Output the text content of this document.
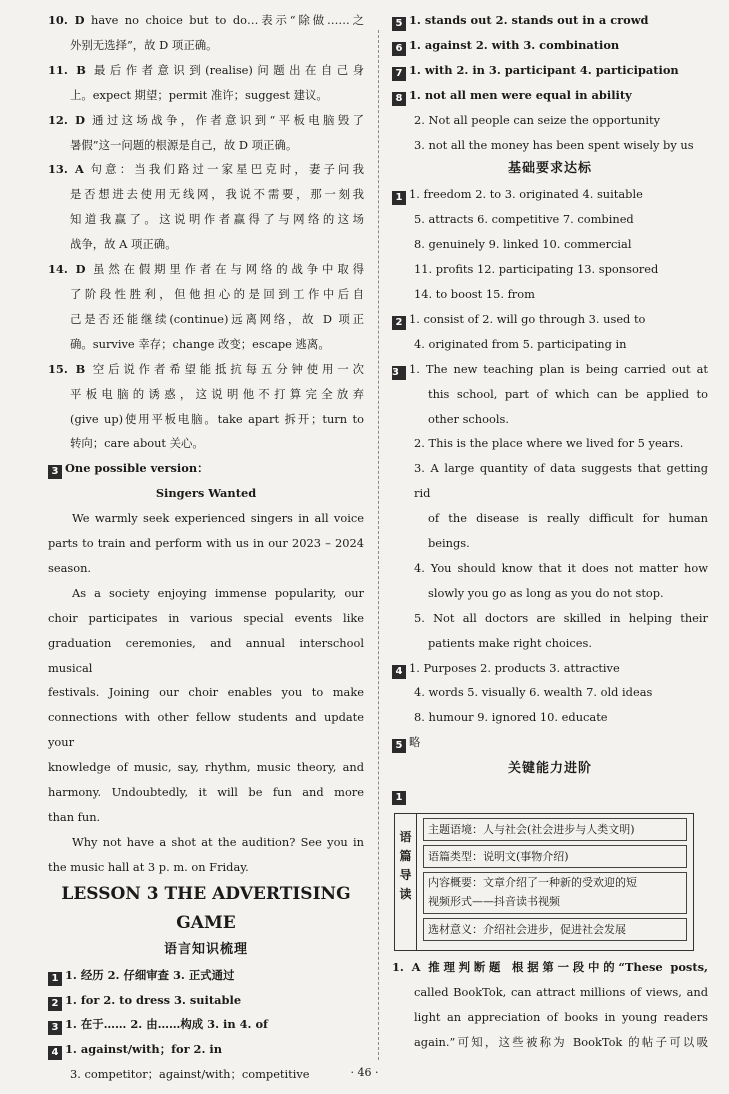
10. D have no choice but to do…表示“除做……之
外别无选择”，故 D 项正确。
11. B 最后作者意识到(realise)问题出在自己身
上。expect 期望；permit 准许；suggest 建议。
12. D 通过这场战争，作者意识到“平板电脑毁了
暑假”这一问题的根源是自己，故 D 项正确。
13. A 句意：当我们路过一家星巴克时，妻子问我
是否想进去使用无线网，我说不需要，那一刻我
知道我赢了。这说明作者赢得了与网络的这场
战争，故 A 项正确。
14. D 虽然在假期里作者在与网络的战争中取得
了阶段性胜利，但他担心的是回到工作中后自
己是否还能继续(continue)远离网络，故 D 项正
确。survive 幸存；change 改变；escape 逃离。
15. B 空后说作者希望能抵抗每五分钟使用一次
平板电脑的诱惑，这说明他不打算完全放弃
(give up)使用平板电脑。take apart 拆开；turn to
转向；care about 关心。
3 One possible version：
Singers Wanted
We warmly seek experienced singers in all voice
parts to train and perform with us in our 2023 – 2024
season.
As a society enjoying immense popularity, our
choir participates in various special events like
graduation ceremonies, and annual interschool musical
festivals. Joining our choir enables you to make
connections with other fellow students and update your
knowledge of music, say, rhythm, music theory, and
harmony. Undoubtedly, it will be fun and more
than fun.
Why not have a shot at the audition? See you in
the music hall at 3 p. m. on Friday.
LESSON 3 THE ADVERTISING
GAME
语言知识梳理
1 1. 经历 2. 仔细审查 3. 正式通过
2 1. for 2. to dress 3. suitable
3 1. 在于…… 2. 由……构成 3. in 4. of
4 1. against/with；for 2. in
3. competitor；against/with；competitive
5 1. stands out 2. stands out in a crowd
6 1. against 2. with 3. combination
7 1. with 2. in 3. participant 4. participation
8 1. not all men were equal in ability
2. Not all people can seize the opportunity
3. not all the money has been spent wisely by us
基础要求达标
1 1. freedom 2. to 3. originated 4. suitable
5. attracts 6. competitive 7. combined
8. genuinely 9. linked 10. commercial
11. profits 12. participating 13. sponsored
14. to boost 15. from
2 1. consist of 2. will go through 3. used to
4. originated from 5. participating in
3 1. The new teaching plan is being carried out at
this school, part of which can be applied to
other schools.
2. This is the place where we lived for 5 years.
3. A large quantity of data suggests that getting rid
of the disease is really difficult for human
beings.
4. You should know that it does not matter how
slowly you go as long as you do not stop.
5. Not all doctors are skilled in helping their
patients make right choices.
4 1. Purposes 2. products 3. attractive
4. words 5. visually 6. wealth 7. old ideas
8. humour 9. ignored 10. educate
5 略
关键能力进阶
1
语
篇
导
读
主题语境：人与社会(社会进步与人类文明)
语篇类型：说明文(事物介绍)
内容概要：文章介绍了一种新的受欢迎的短
视频形式——抖音读书视频
选材意义：介绍社会进步，促进社会发展
1. A 推理判断题 根据第一段中的“These posts,
called BookTok, can attract millions of views, and
light an appreciation of books in young readers
again.”可知，这些被称为 BookTok 的帖子可以吸
· 46 ·
